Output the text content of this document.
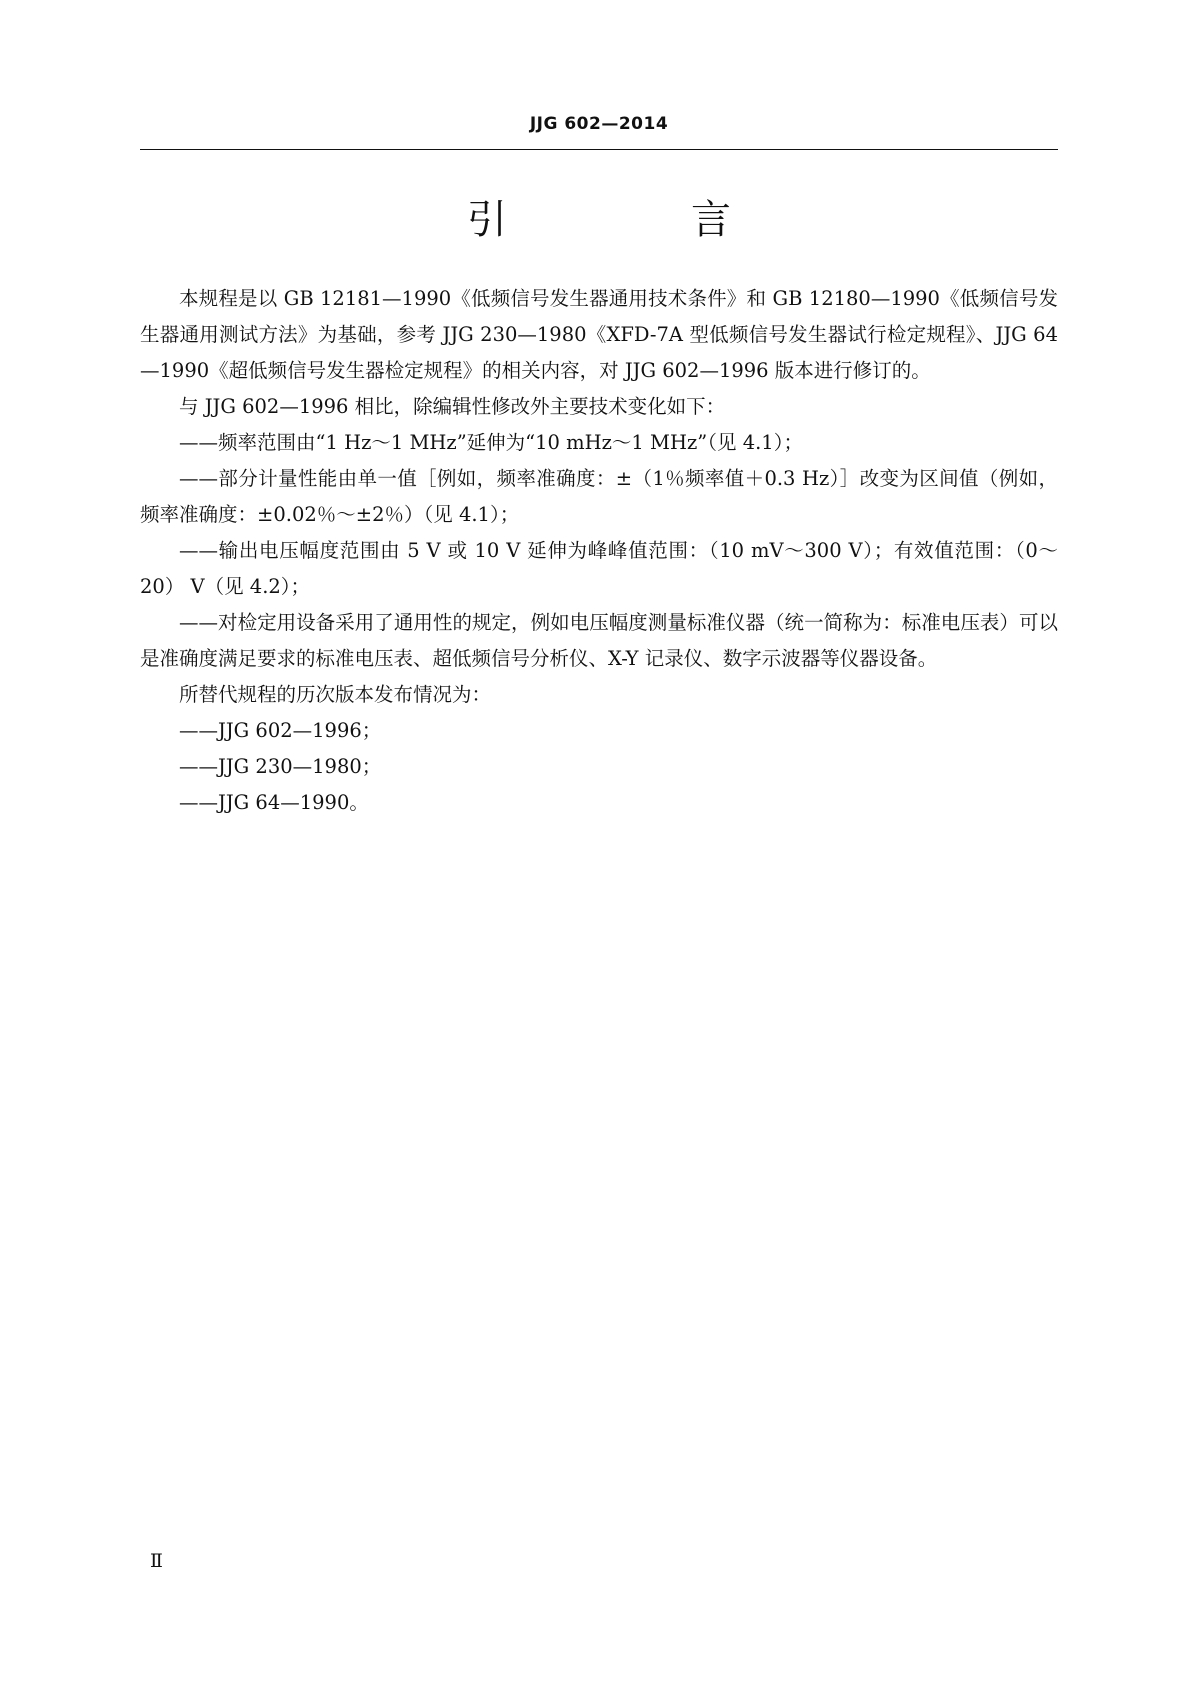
JJG 602—2014
引　言

本规程是以 GB 12181—1990《低频信号发生器通用技术条件》和 GB 12180—1990《低频信号发生器通用测试方法》为基础，参考 JJG 230—1980《XFD-7A 型低频信号发生器试行检定规程》、JJG 64—1990《超低频信号发生器检定规程》的相关内容，对 JJG 602—1996 版本进行修订的。

与 JJG 602—1996 相比，除编辑性修改外主要技术变化如下：

——频率范围由“1 Hz～1 MHz”延伸为“10 mHz～1 MHz”（见 4.1）；

——部分计量性能由单一值［例如，频率准确度：±（1％频率值＋0.3 Hz）］改变为区间值（例如，频率准确度：±0.02％～±2％）（见 4.1）；

——输出电压幅度范围由 5 V 或 10 V 延伸为峰峰值范围：（10 mV～300 V）；有效值范围：（0～20） V（见 4.2）；

——对检定用设备采用了通用性的规定，例如电压幅度测量标准仪器（统一简称为：标准电压表）可以是准确度满足要求的标准电压表、超低频信号分析仪、X-Y 记录仪、数字示波器等仪器设备。

所替代规程的历次版本发布情况为：

——JJG 602—1996；

——JJG 230—1980；

——JJG 64—1990。

Ⅱ
